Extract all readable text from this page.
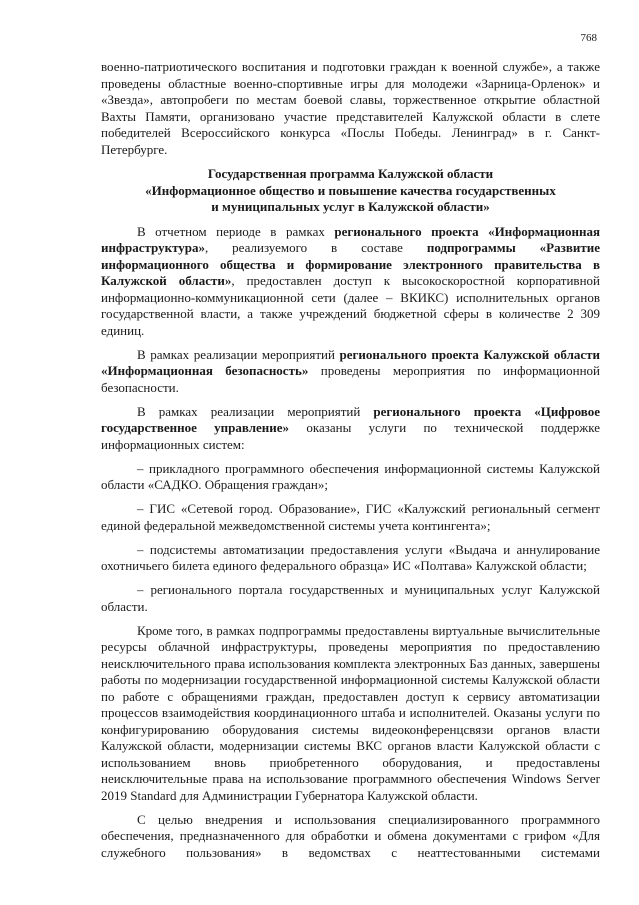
768

военно-патриотического воспитания и подготовки граждан к военной службе», а также проведены областные военно-спортивные игры для молодежи «Зарница-Орленок» и «Звезда», автопробеги по местам боевой славы, торжественное открытие областной Вахты Памяти, организовано участие представителей Калужской области в слете победителей Всероссийского конкурса «Послы Победы. Ленинград» в г. Санкт-Петербурге.

Государственная программа Калужской области
«Информационное общество и повышение качества государственных
и муниципальных услуг в Калужской области»

В отчетном периоде в рамках регионального проекта «Информационная инфраструктура», реализуемого в составе подпрограммы «Развитие информационного общества и формирование электронного правительства в Калужской области», предоставлен доступ к высокоскоростной корпоративной информационно-коммуникационной сети (далее – ВКИКС) исполнительных органов государственной власти, а также учреждений бюджетной сферы в количестве 2 309 единиц.

В рамках реализации мероприятий регионального проекта Калужской области «Информационная безопасность» проведены мероприятия по информационной безопасности.

В рамках реализации мероприятий регионального проекта «Цифровое государственное управление» оказаны услуги по технической поддержке информационных систем:

– прикладного программного обеспечения информационной системы Калужской области «САДКО. Обращения граждан»;

– ГИС «Сетевой город. Образование», ГИС «Калужский региональный сегмент единой федеральной межведомственной системы учета контингента»;

– подсистемы автоматизации предоставления услуги «Выдача и аннулирование охотничьего билета единого федерального образца» ИС «Полтава» Калужской области;

– регионального портала государственных и муниципальных услуг Калужской области.

Кроме того, в рамках подпрограммы предоставлены виртуальные вычислительные ресурсы облачной инфраструктуры, проведены мероприятия по предоставлению неисключительного права использования комплекта электронных Баз данных, завершены работы по модернизации государственной информационной системы Калужской области по работе с обращениями граждан, предоставлен доступ к сервису автоматизации процессов взаимодействия координационного штаба и исполнителей. Оказаны услуги по конфигурированию оборудования системы видеоконференцсвязи органов власти Калужской области, модернизации системы ВКС органов власти Калужской области с использованием вновь приобретенного оборудования, и предоставлены неисключительные права на использование программного обеспечения Windows Server 2019 Standard для Администрации Губернатора Калужской области.

С целью внедрения и использования специализированного программного обеспечения, предназначенного для обработки и обмена документами с грифом «Для служебного пользования» в ведомствах с неаттестованными системами
